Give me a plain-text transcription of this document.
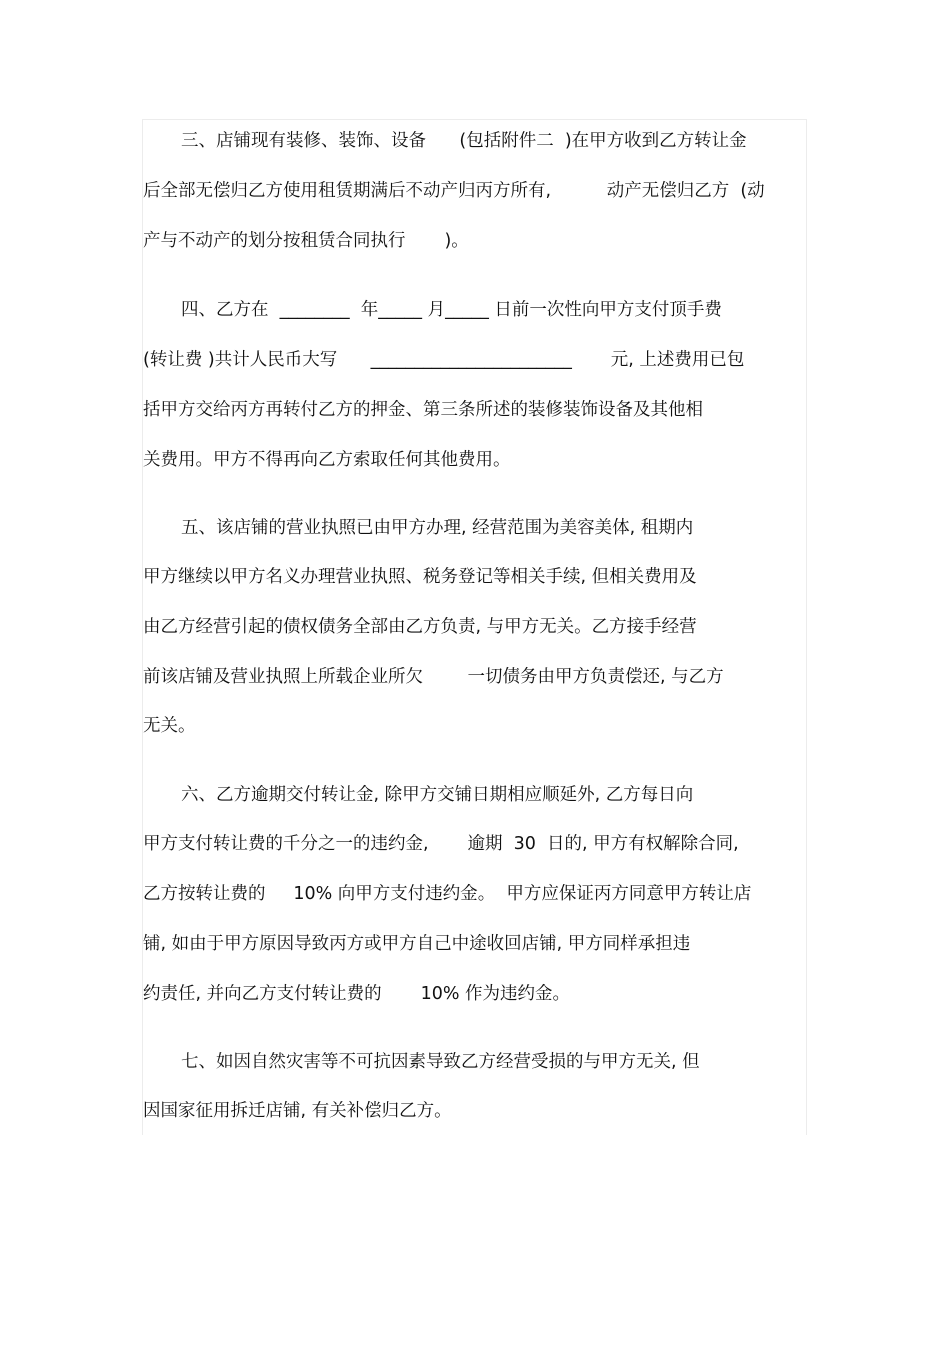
三、店铺现有装修、装饰、设备      (包括附件二  )在甲方收到乙方转让金
后全部无偿归乙方使用租赁期满后不动产归丙方所有,          动产无偿归乙方  (动
产与不动产的划分按租赁合同执行       )。
四、乙方在  ________  年_____ 月_____ 日前一次性向甲方支付顶手费
(转让费 )共计人民币大写      _______________________       元, 上述费用已包
括甲方交给丙方再转付乙方的押金、第三条所述的装修装饰设备及其他相
关费用。甲方不得再向乙方索取任何其他费用。
五、该店铺的营业执照已由甲方办理, 经营范围为美容美体, 租期内
甲方继续以甲方名义办理营业执照、税务登记等相关手续, 但相关费用及
由乙方经营引起的债权债务全部由乙方负责, 与甲方无关。乙方接手经营
前该店铺及营业执照上所载企业所欠        一切债务由甲方负责偿还, 与乙方
无关。
六、乙方逾期交付转让金, 除甲方交铺日期相应顺延外, 乙方每日向
甲方支付转让费的千分之一的违约金,       逾期  30  日的, 甲方有权解除合同,
乙方按转让费的     10% 向甲方支付违约金。  甲方应保证丙方同意甲方转让店
铺, 如由于甲方原因导致丙方或甲方自己中途收回店铺, 甲方同样承担违
约责任, 并向乙方支付转让费的       10% 作为违约金。
七、如因自然灾害等不可抗因素导致乙方经营受损的与甲方无关, 但
因国家征用拆迁店铺, 有关补偿归乙方。
